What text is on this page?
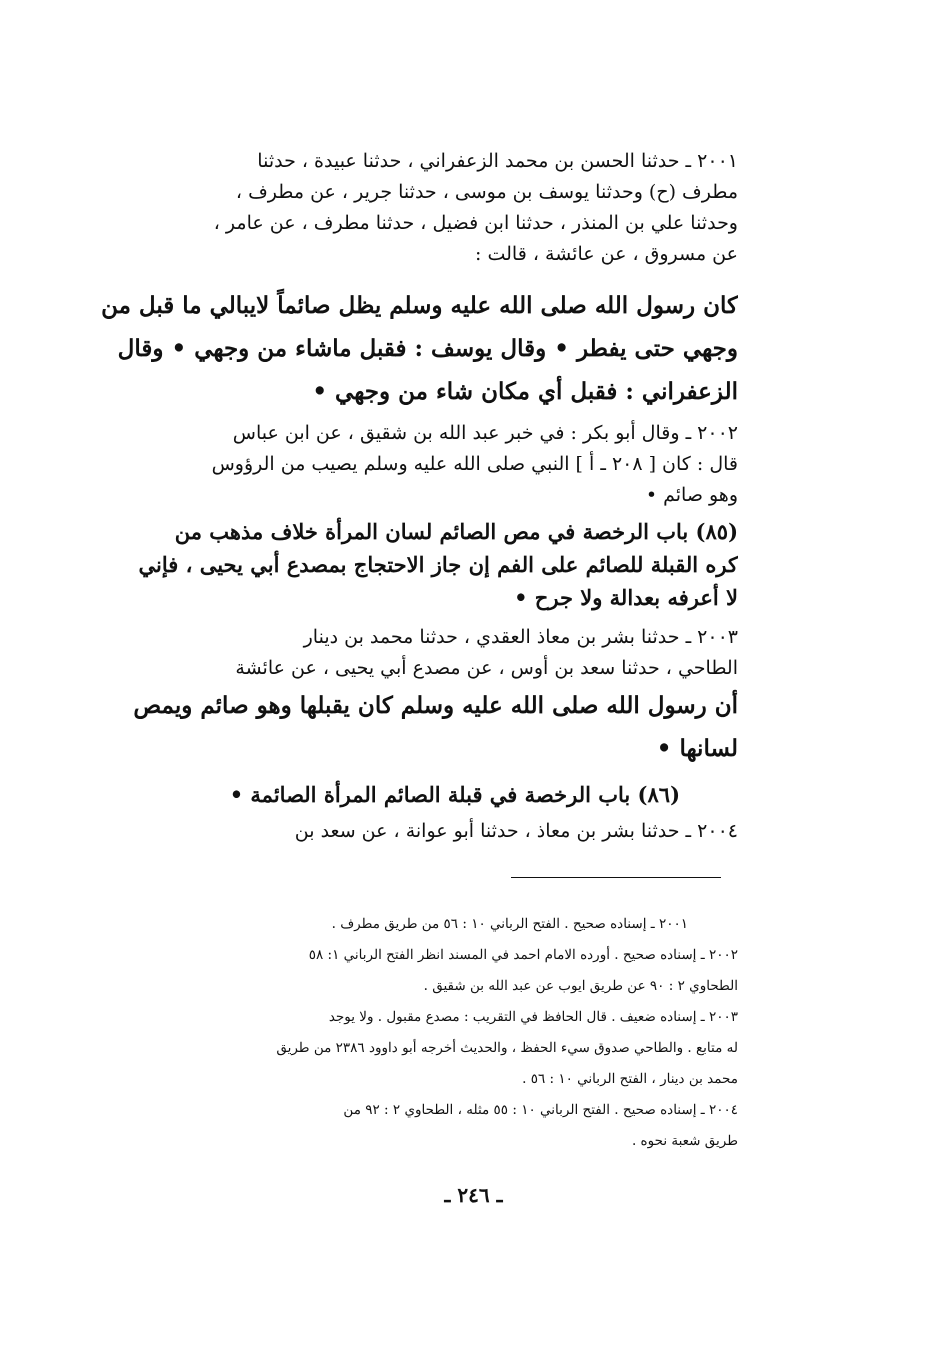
٢٠٠١ ـ حدثنا الحسن بن محمد الزعفراني ، حدثنا عبيدة ، حدثنا
مطرف (ح) وحدثنا يوسف بن موسى ، حدثنا جرير ، عن مطرف ،
وحدثنا علي بن المنذر ، حدثنا ابن فضيل ، حدثنا مطرف ، عن عامر ،
عن مسروق ، عن عائشة ، قالت :
كان رسول الله صلى الله عليه وسلم يظل صائماً لايبالي ما قبل من
وجهي حتى يفطر • وقال يوسف : فقبل ماشاء من وجهي • وقال
الزعفراني : فقبل أي مكان شاء من وجهي •
٢٠٠٢ ـ وقال أبو بكر : في خبر عبد الله بن شقيق ، عن ابن عباس
قال : كان [ ٢٠٨ ـ أ ] النبي صلى الله عليه وسلم يصيب من الرؤوس
وهو صائم •
(٨٥) باب الرخصة في مص الصائم لسان المرأة خلاف مذهب من
كره القبلة للصائم على الفم إن جاز الاحتجاج بمصدع أبي يحيى ، فإني
لا أعرفه بعدالة ولا جرح •
٢٠٠٣ ـ حدثنا بشر بن معاذ العقدي ، حدثنا محمد بن دينار
الطاحي ، حدثنا سعد بن أوس ، عن مصدع أبي يحيى ، عن عائشة
أن رسول الله صلى الله عليه وسلم كان يقبلها وهو صائم ويمص
لسانها •
(٨٦) باب الرخصة في قبلة الصائم المرأة الصائمة •
٢٠٠٤ ـ حدثنا بشر بن معاذ ، حدثنا أبو عوانة ، عن سعد بن
٢٠٠١ ـ إسناده صحيح . الفتح الرباني ١٠ : ٥٦ من طريق مطرف .
٢٠٠٢ ـ إسناده صحيح . أورده الامام احمد في المسند انظر الفتح الرباني ١: ٥٨
الطحاوي ٢ : ٩٠ عن طريق ايوب عن عبد الله بن شقيق .
٢٠٠٣ ـ إسناده ضعيف . قال الحافظ في التقريب : مصدع مقبول . ولا يوجد
له متابع . والطاحي صدوق سيء الحفظ ، والحديث أخرجه أبو داوود ٢٣٨٦ من طريق
محمد بن دينار ، الفتح الرباني ١٠ : ٥٦ .
٢٠٠٤ ـ إسناده صحيح . الفتح الرباني ١٠ : ٥٥ مثله ، الطحاوي ٢ : ٩٢ من
طريق شعبة نحوه .
ـ ٢٤٦ ـ
